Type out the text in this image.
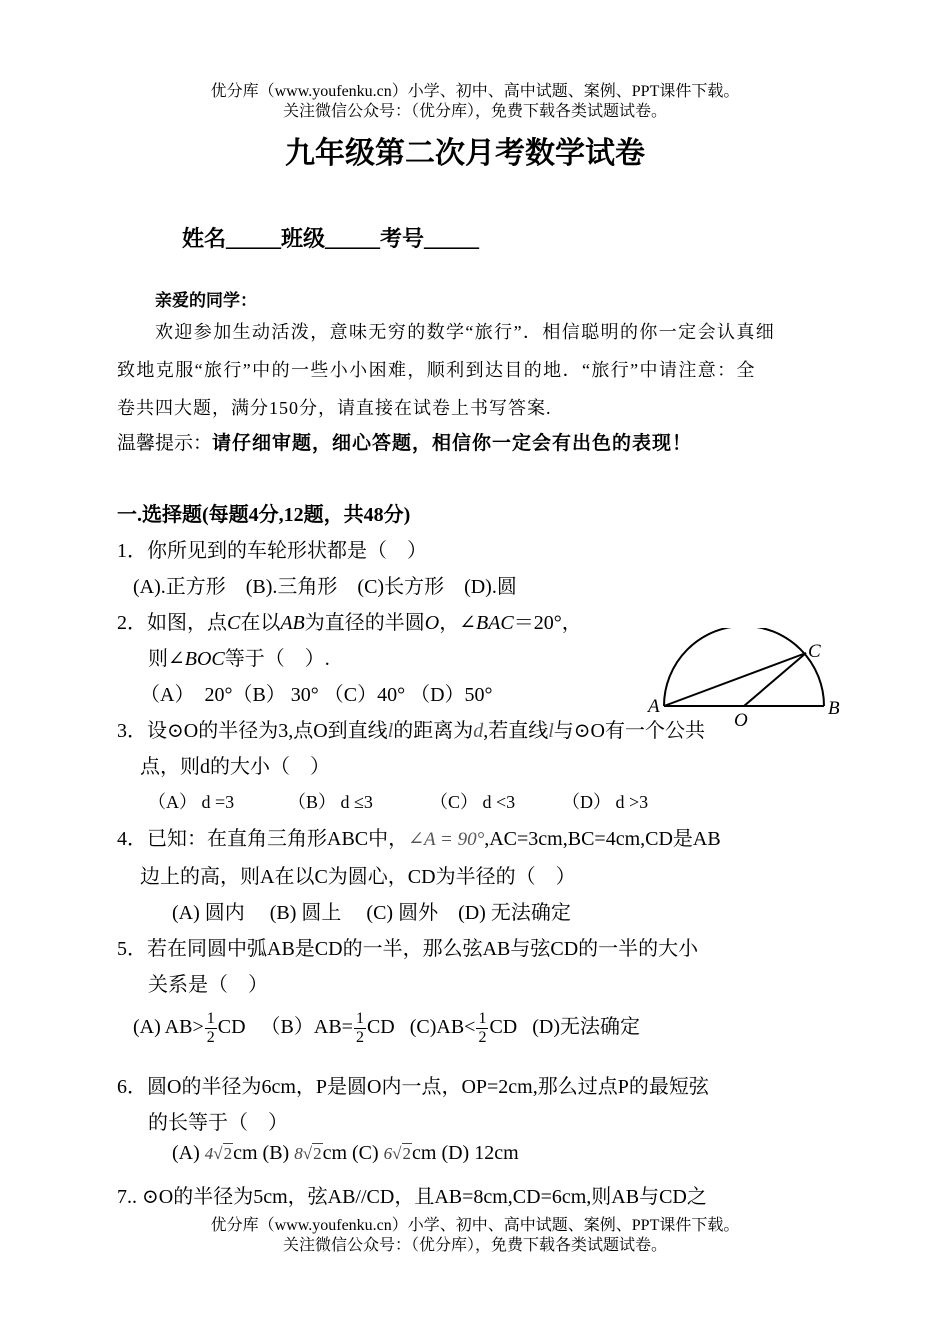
优分库（www.youfenku.cn）小学、初中、高中试题、案例、PPT课件下载。
关注微信公众号：（优分库），免费下载各类试题试卷。
九年级第二次月考数学试卷
姓名_____班级_____考号_____
亲爱的同学：
欢迎参加生动活泼，意味无穷的数学“旅行”．相信聪明的你一定会认真细
致地克服“旅行”中的一些小小困难，顺利到达目的地．“旅行”中请注意：全
卷共四大题，满分150分，请直接在试卷上书写答案.
温馨提示：请仔细审题，细心答题，相信你一定会有出色的表现！
一.选择题(每题4分,12题，共48分)
1．你所见到的车轮形状都是（　）
(A).正方形　(B).三角形　(C)长方形　(D).圆
2．如图，点C在以AB为直径的半圆O，∠BAC＝20°，
则∠BOC等于（　）.
（A）　20°（B） 30° （C）40° （D）50°
A	B
C
O
3．设⊙O的半径为3,点O到直线l的距离为d,若直线l与⊙O有一个公共
点，则d的大小（　）
（A） d =3	（B） d ≤3	（C） d <3	（D） d >3
4．已知：在直角三角形ABC中，∠A = 90°,AC=3cm,BC=4cm,CD是AB
边上的高，则A在以C为圆心，CD为半径的（　）
(A) 圆内　 (B) 圆上　 (C) 圆外　(D) 无法确定
5．若在同圆中弧AB是CD的一半，那么弦AB与弦CD的一半的大小
关系是（　）
(A) $AB> \frac{1}{2}$ CD $(B)AB= \frac{1}{2}$ CD $(C)AB< \frac{1}{2}$ CD (D)无法确定
6．圆O的半径为6cm，P是圆O内一点，OP=2cm,那么过点P的最短弦
的长等于（　）
(A) 4√2cm (B) 8√2cm (C) 6√2cm (D) 12cm
7.. ⊙O的半径为5cm，弦AB//CD，且AB=8cm,CD=6cm,则AB与CD之
优分库（www.youfenku.cn）小学、初中、高中试题、案例、PPT课件下载。
关注微信公众号：（优分库），免费下载各类试题试卷。
